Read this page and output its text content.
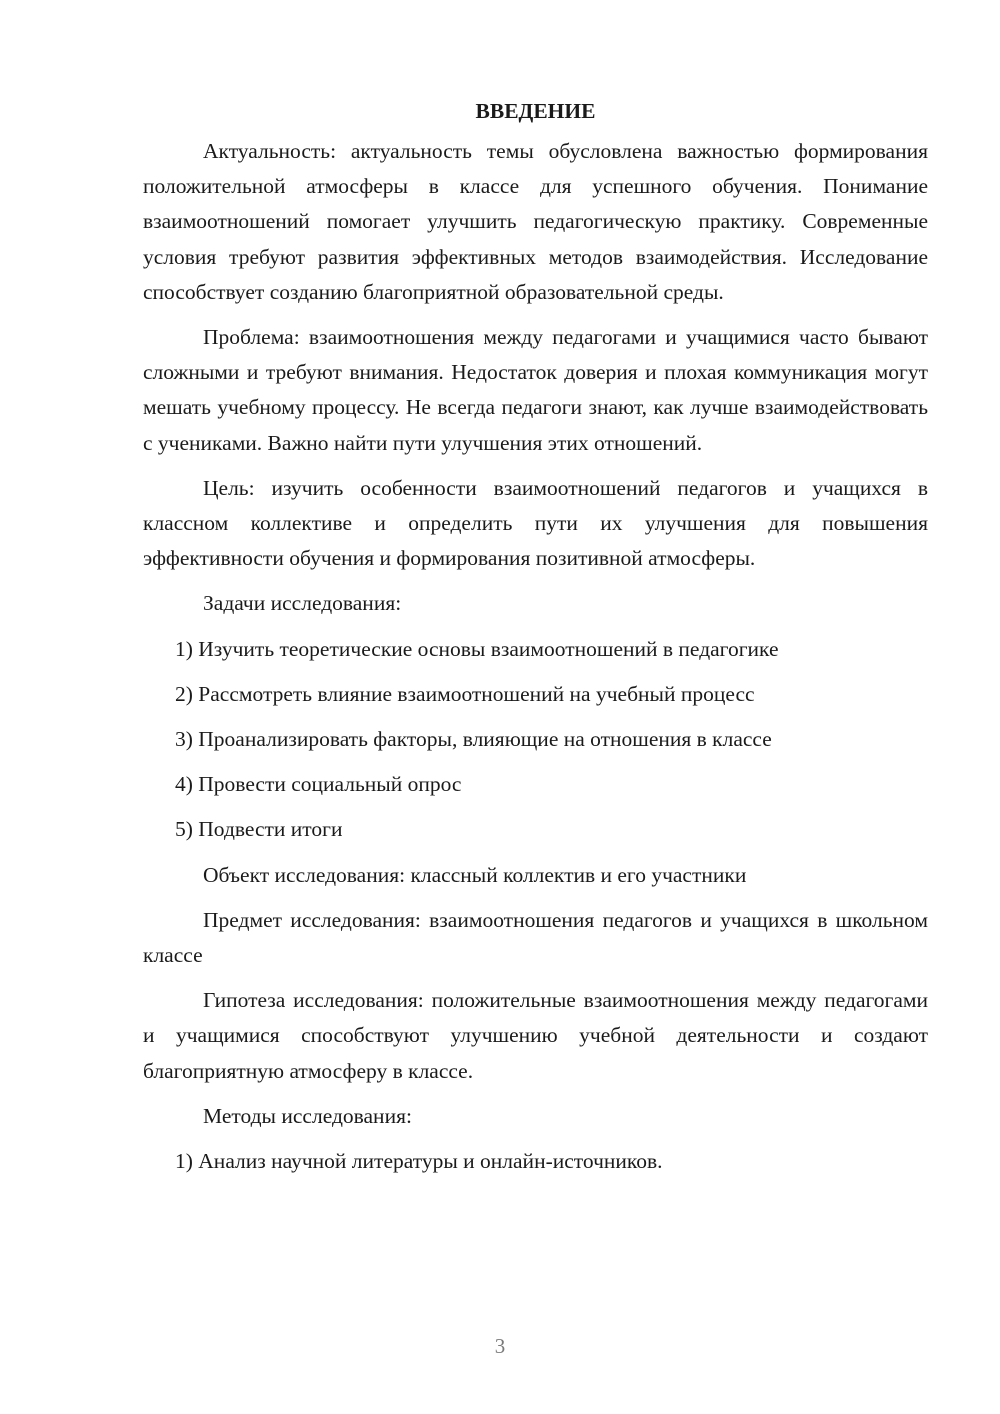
ВВЕДЕНИЕ

Актуальность: актуальность темы обусловлена важностью формирования положительной атмосферы в классе для успешного обучения. Понимание взаимоотношений помогает улучшить педагогическую практику. Современные условия требуют развития эффективных методов взаимодействия. Исследование способствует созданию благоприятной образовательной среды.

Проблема: взаимоотношения между педагогами и учащимися часто бывают сложными и требуют внимания. Недостаток доверия и плохая коммуникация могут мешать учебному процессу. Не всегда педагоги знают, как лучше взаимодействовать с учениками. Важно найти пути улучшения этих отношений.

Цель: изучить особенности взаимоотношений педагогов и учащихся в классном коллективе и определить пути их улучшения для повышения эффективности обучения и формирования позитивной атмосферы.

Задачи исследования:

1) Изучить теоретические основы взаимоотношений в педагогике

2) Рассмотреть влияние взаимоотношений на учебный процесс

3) Проанализировать факторы, влияющие на отношения в классе

4) Провести социальный опрос

5) Подвести итоги

Объект исследования: классный коллектив и его участники

Предмет исследования: взаимоотношения педагогов и учащихся в школьном классе

Гипотеза исследования: положительные взаимоотношения между педагогами и учащимися способствуют улучшению учебной деятельности и создают благоприятную атмосферу в классе.

Методы исследования:

1) Анализ научной литературы и онлайн-источников.

3
